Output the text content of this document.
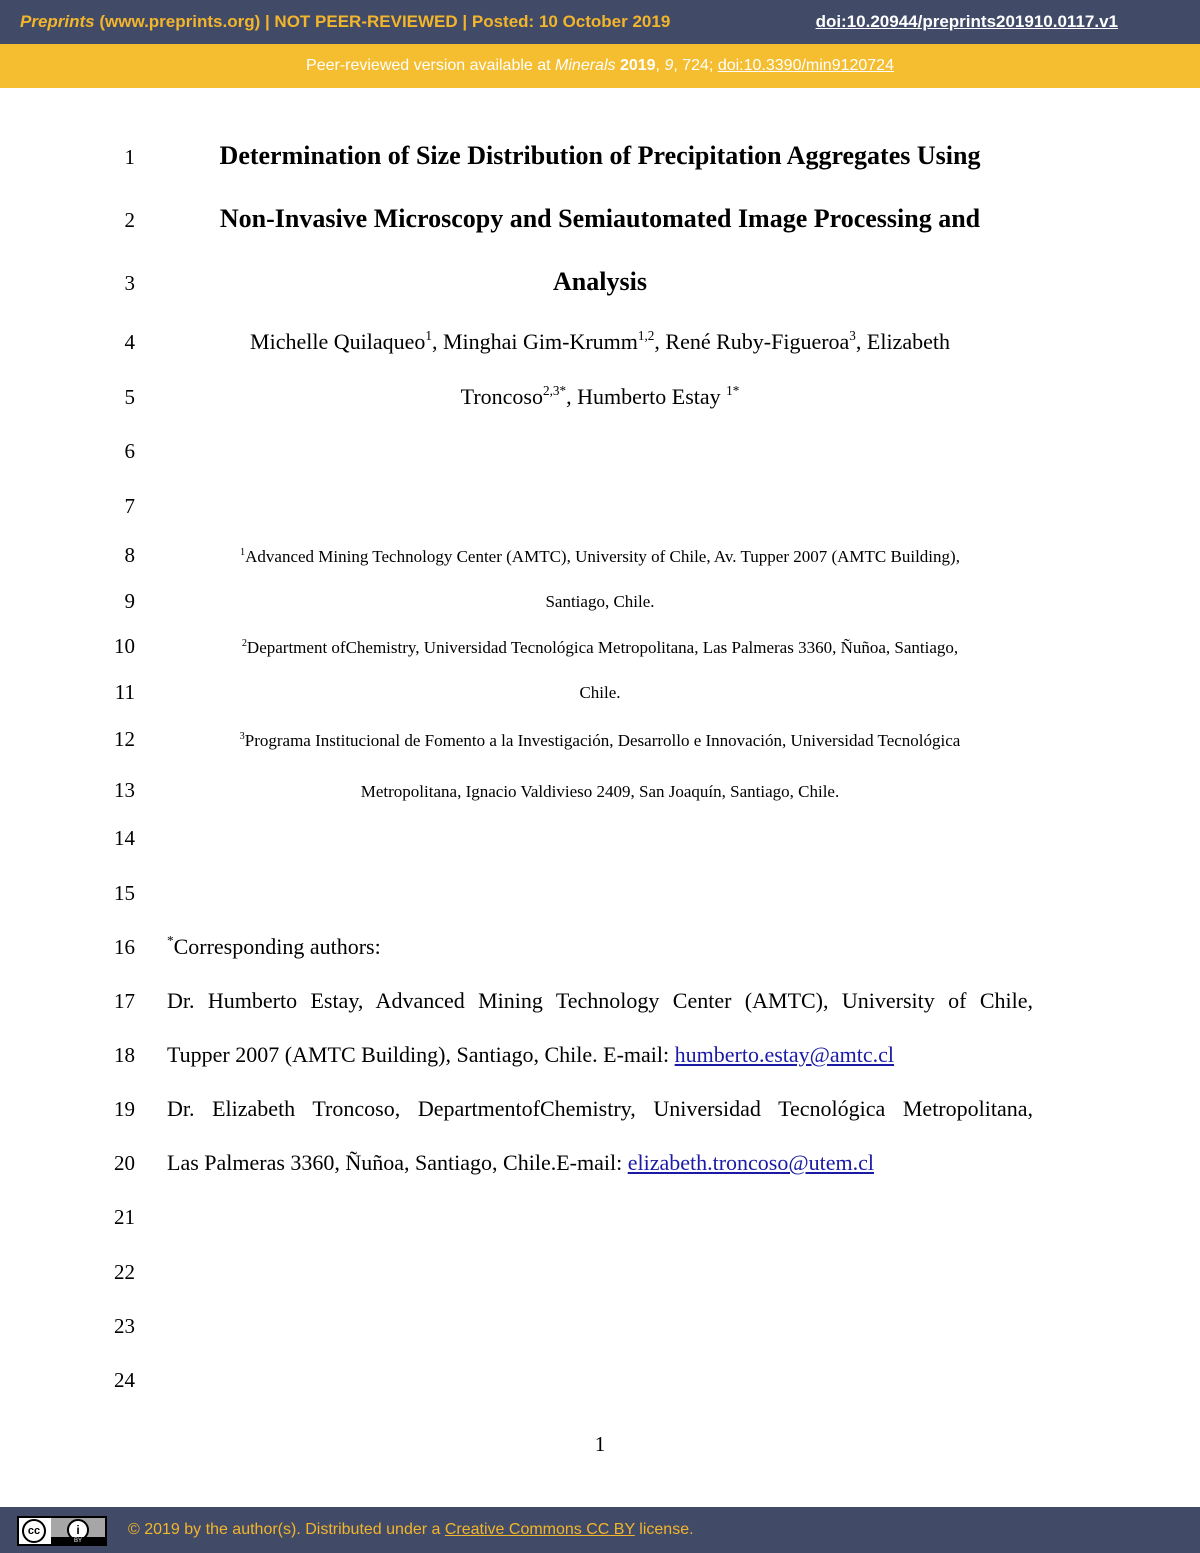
Preprints (www.preprints.org) | NOT PEER-REVIEWED | Posted: 10 October 2019	doi:10.20944/preprints201910.0117.v1
Peer-reviewed version available at Minerals 2019, 9, 724; doi:10.3390/min9120724
1
2
3
4
5
6
7
8
9
10
11
12
13
14
15
16
17
18
19
20
21
22
23
24
Determination of Size Distribution of Precipitation Aggregates Using
Non-Invasive Microscopy and Semiautomated Image Processing and
Analysis
Michelle Quilaqueo$^1$, Minghai Gim-Krumm$^{1,2}$, René Ruby-Figueroa$^3$, Elizabeth
Troncoso$^{2,3*}$, Humberto Estay $^{1*}$
$^1$Advanced Mining Technology Center (AMTC), University of Chile, Av. Tupper 2007 (AMTC Building),
Santiago, Chile.
$^2$Department ofChemistry, Universidad Tecnológica Metropolitana, Las Palmeras 3360, Ñuñoa, Santiago,
Chile.
$^3$Programa Institucional de Fomento a la Investigación, Desarrollo e Innovación, Universidad Tecnológica
Metropolitana, Ignacio Valdivieso 2409, San Joaquín, Santiago, Chile.
*Corresponding authors:
Dr. Humberto Estay, Advanced Mining Technology Center (AMTC), University of Chile,
Tupper 2007 (AMTC Building), Santiago, Chile. E-mail: humberto.estay@amtc.cl
Dr. Elizabeth Troncoso, DepartmentofChemistry, Universidad Tecnológica Metropolitana,
Las Palmeras 3360, Ñuñoa, Santiago, Chile.E-mail: elizabeth.troncoso@utem.cl
1
cc	i
BY
© 2019 by the author(s). Distributed under a Creative Commons CC BY license.
